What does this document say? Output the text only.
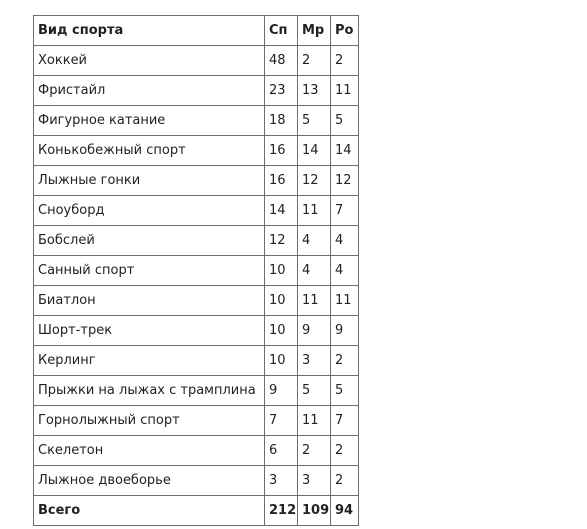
Вид спорта	Сп	Мр	Ро
Хоккей	48	2	2
Фристайл	23	13	11
Фигурное катание	18	5	5
Конькобежный спорт	16	14	14
Лыжные гонки	16	12	12
Сноуборд	14	11	7
Бобслей	12	4	4
Санный спорт	10	4	4
Биатлон	10	11	11
Шорт-трек	10	9	9
Керлинг	10	3	2
Прыжки на лыжах с трамплина	9	5	5
Горнолыжный спорт	7	11	7
Скелетон	6	2	2
Лыжное двоеборье	3	3	2
Всего	212	109	94
